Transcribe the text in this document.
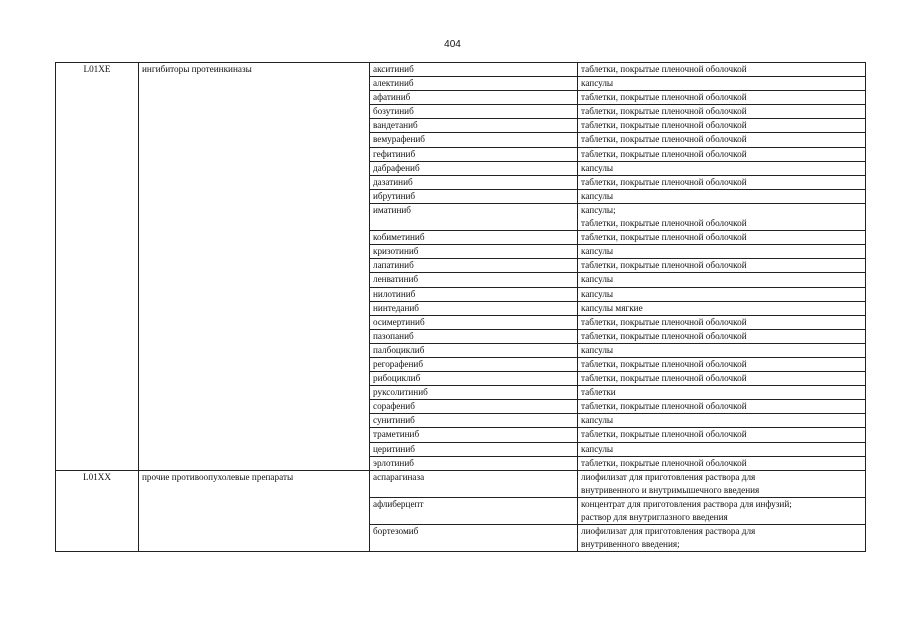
404
L01XE	ингибиторы протеинкиназы	акситиниб	таблетки, покрытые пленочной оболочкой

		алектиниб	капсулы

		афатиниб	таблетки, покрытые пленочной оболочкой

		бозутиниб	таблетки, покрытые пленочной оболочкой

		вандетаниб	таблетки, покрытые пленочной оболочкой

		вемурафениб	таблетки, покрытые пленочной оболочкой

		гефитиниб	таблетки, покрытые пленочной оболочкой

		дабрафениб	капсулы

		дазатиниб	таблетки, покрытые пленочной оболочкой

		ибрутиниб	капсулы

		иматиниб	капсулы;
таблетки, покрытые пленочной оболочкой

		кобиметиниб	таблетки, покрытые пленочной оболочкой

		кризотиниб	капсулы

		лапатиниб	таблетки, покрытые пленочной оболочкой

		ленватиниб	капсулы

		нилотиниб	капсулы

		нинтеданиб	капсулы мягкие

		осимертиниб	таблетки, покрытые пленочной оболочкой

		пазопаниб	таблетки, покрытые пленочной оболочкой

		палбоциклиб	капсулы

		регорафениб	таблетки, покрытые пленочной оболочкой

		рибоциклиб	таблетки, покрытые пленочной оболочкой

		руксолитиниб	таблетки

		сорафениб	таблетки, покрытые пленочной оболочкой

		сунитиниб	капсулы

		траметиниб	таблетки, покрытые пленочной оболочкой

		церитиниб	капсулы

		эрлотиниб	таблетки, покрытые пленочной оболочкой

L01XX	прочие противоопухолевые препараты	аспарагиназа	лиофилизат для приготовления раствора для
внутривенного и внутримышечного введения

		афлиберцепт	концентрат для приготовления раствора для инфузий;
раствор для внутриглазного введения

		бортезомиб	лиофилизат для приготовления раствора для
внутривенного введения;
